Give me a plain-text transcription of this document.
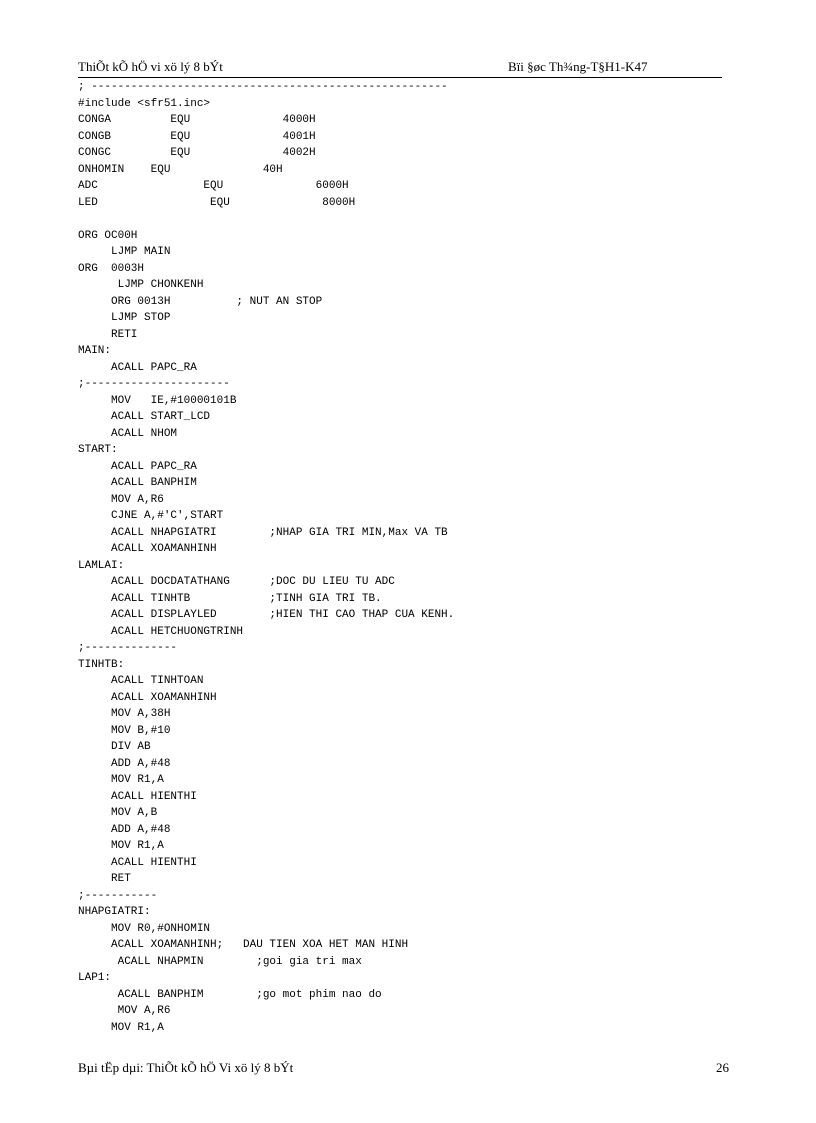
ThiÕt kÕ hÖ vi xö lý 8 bÝt	Bïi §øc Th¾ng-T§H1-K47
; ------------------------------------------------------
#include <sfr51.inc>
CONGA         EQU              4000H
CONGB         EQU              4001H
CONGC         EQU              4002H
ONHOMIN    EQU              40H
ADC                EQU              6000H
LED                 EQU              8000H
ORG OC00H
LJMP MAIN
ORG  0003H
LJMP CHONKENH
ORG 0013H          ; NUT AN STOP
LJMP STOP
RETI
MAIN:
ACALL PAPC_RA
;----------------------
MOV   IE,#10000101B
ACALL START_LCD
ACALL NHOM
START:
ACALL PAPC_RA
ACALL BANPHIM
MOV A,R6
CJNE A,#'C',START
ACALL NHAPGIATRI        ;NHAP GIA TRI MIN,Max VA TB
ACALL XOAMANHINH
LAMLAI:
ACALL DOCDATATHANG      ;DOC DU LIEU TU ADC
ACALL TINHTB            ;TINH GIA TRI TB.
ACALL DISPLAYLED        ;HIEN THI CAO THAP CUA KENH.
ACALL HETCHUONGTRINH
;--------------
TINHTB:
ACALL TINHTOAN
ACALL XOAMANHINH
MOV A,38H
MOV B,#10
DIV AB
ADD A,#48
MOV R1,A
ACALL HIENTHI
MOV A,B
ADD A,#48
MOV R1,A
ACALL HIENTHI
RET
;-----------
NHAPGIATRI:
MOV R0,#ONHOMIN
ACALL XOAMANHINH;   DAU TIEN XOA HET MAN HINH
ACALL NHAPMIN        ;goi gia tri max
LAP1:
ACALL BANPHIM        ;go mot phim nao do
MOV A,R6
MOV R1,A
Bµi tËp dµi: ThiÕt kÕ hÖ Vi xö lý 8 bÝt	26
